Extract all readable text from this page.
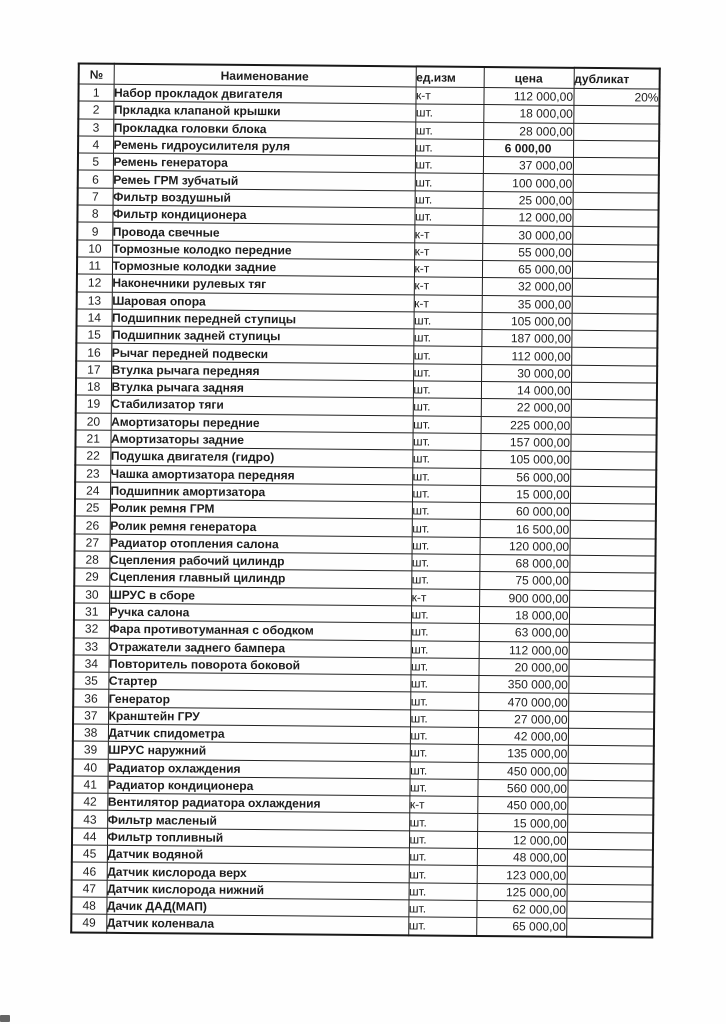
№	Наименование	ед.изм	цена	дубликат
1	Набор прокладок двигателя	к-т	112 000,00	20%
2	Пркладка клапаной крышки	шт.	18 000,00	
3	Прокладка головки блока	шт.	28 000,00	
4	Ремень гидроусилителя руля	шт.	6 000,00	
5	Ремень генератора	шт.	37 000,00	
6	Ремеь ГРМ зубчатый	шт.	100 000,00	
7	Фильтр воздушный	шт.	25 000,00	
8	Фильтр кондиционера	шт.	12 000,00	
9	Провода свечные	к-т	30 000,00	
10	Тормозные колодко передние	к-т	55 000,00	
11	Тормозные колодки задние	к-т	65 000,00	
12	Наконечники рулевых тяг	к-т	32 000,00	
13	Шаровая опора	к-т	35 000,00	
14	Подшипник передней ступицы	шт.	105 000,00	
15	Подшипник задней ступицы	шт.	187 000,00	
16	Рычаг передней подвески	шт.	112 000,00	
17	Втулка рычага передняя	шт.	30 000,00	
18	Втулка рычага задняя	шт.	14 000,00	
19	Стабилизатор тяги	шт.	22 000,00	
20	Амортизаторы передние	шт.	225 000,00	
21	Амортизаторы задние	шт.	157 000,00	
22	Подушка двигателя (гидро)	шт.	105 000,00	
23	Чашка амортизатора передняя	шт.	56 000,00	
24	Подшипник амортизатора	шт.	15 000,00	
25	Ролик ремня ГРМ	шт.	60 000,00	
26	Ролик ремня генератора	шт.	16 500,00	
27	Радиатор отопления салона	шт.	120 000,00	
28	Сцепления рабочий цилиндр	шт.	68 000,00	
29	Сцепления главный цилиндр	шт.	75 000,00	
30	ШРУС в сборе	к-т	900 000,00	
31	Ручка салона	шт.	18 000,00	
32	Фара противотуманная с ободком	шт.	63 000,00	
33	Отражатели заднего бампера	шт.	112 000,00	
34	Повторитель поворота боковой	шт.	20 000,00	
35	Стартер	шт.	350 000,00	
36	Генератор	шт.	470 000,00	
37	Кранштейн ГРУ	шт.	27 000,00	
38	Датчик спидометра	шт.	42 000,00	
39	ШРУС наружний	шт.	135 000,00	
40	Радиатор охлаждения	шт.	450 000,00	
41	Радиатор кондиционера	шт.	560 000,00	
42	Вентилятор радиатора охлаждения	к-т	450 000,00	
43	Фильтр масленый	шт.	15 000,00	
44	Фильтр топливный	шт.	12 000,00	
45	Датчик водяной	шт.	48 000,00	
46	Датчик кислорода верх	шт.	123 000,00	
47	Датчик кислорода нижний	шт.	125 000,00	
48	Дачик ДАД(МАП)	шт.	62 000,00	
49	Датчик коленвала	шт.	65 000,00	
